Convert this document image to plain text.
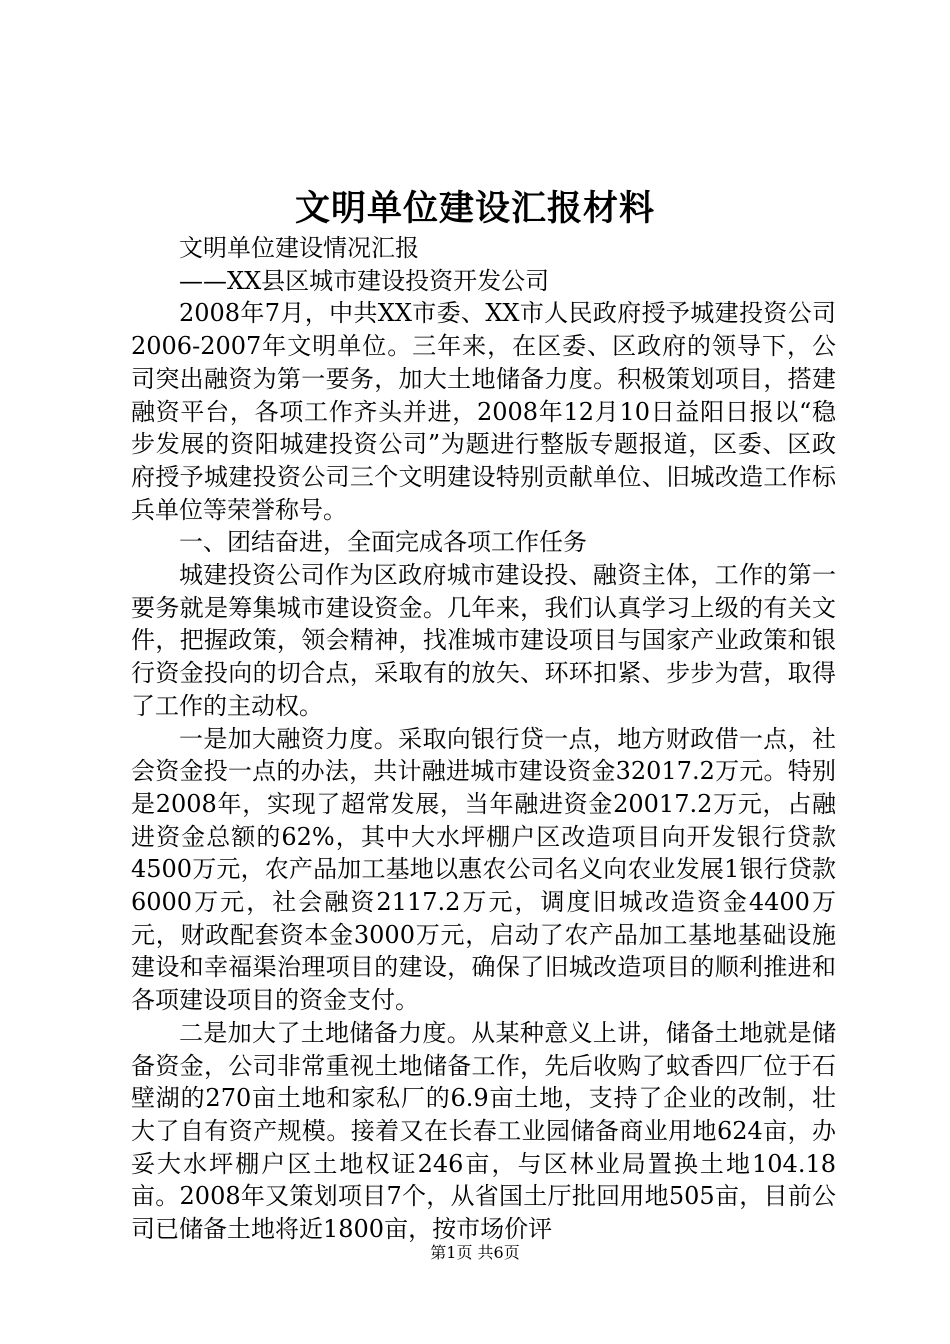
文明单位建设汇报材料

文明单位建设情况汇报

——XX县区城市建设投资开发公司

2008年7月，中共XX市委、XX市人民政府授予城建投资公司2006-2007年文明单位。三年来，在区委、区政府的领导下，公司突出融资为第一要务，加大土地储备力度。积极策划项目，搭建融资平台，各项工作齐头并进，2008年12月10日益阳日报以“稳步发展的资阳城建投资公司”为题进行整版专题报道，区委、区政府授予城建投资公司三个文明建设特别贡献单位、旧城改造工作标兵单位等荣誉称号。

一、团结奋进，全面完成各项工作任务

城建投资公司作为区政府城市建设投、融资主体，工作的第一要务就是筹集城市建设资金。几年来，我们认真学习上级的有关文件，把握政策，领会精神，找准城市建设项目与国家产业政策和银行资金投向的切合点，采取有的放矢、环环扣紧、步步为营，取得了工作的主动权。

一是加大融资力度。采取向银行贷一点，地方财政借一点，社会资金投一点的办法，共计融进城市建设资金32017.2万元。特别是2008年，实现了超常发展，当年融进资金20017.2万元，占融进资金总额的62%，其中大水坪棚户区改造项目向开发银行贷款4500万元，农产品加工基地以惠农公司名义向农业发展1银行贷款6000万元，社会融资2117.2万元，调度旧城改造资金4400万元，财政配套资本金3000万元，启动了农产品加工基地基础设施建设和幸福渠治理项目的建设，确保了旧城改造项目的顺利推进和各项建设项目的资金支付。

二是加大了土地储备力度。从某种意义上讲，储备土地就是储备资金，公司非常重视土地储备工作，先后收购了蚊香四厂位于石壁湖的270亩土地和家私厂的6.9亩土地，支持了企业的改制，壮大了自有资产规模。接着又在长春工业园储备商业用地624亩，办妥大水坪棚户区土地权证246亩，与区林业局置换土地104.18亩。2008年又策划项目7个，从省国土厅批回用地505亩，目前公司已储备土地将近1800亩，按市场价评

第1页 共6页
